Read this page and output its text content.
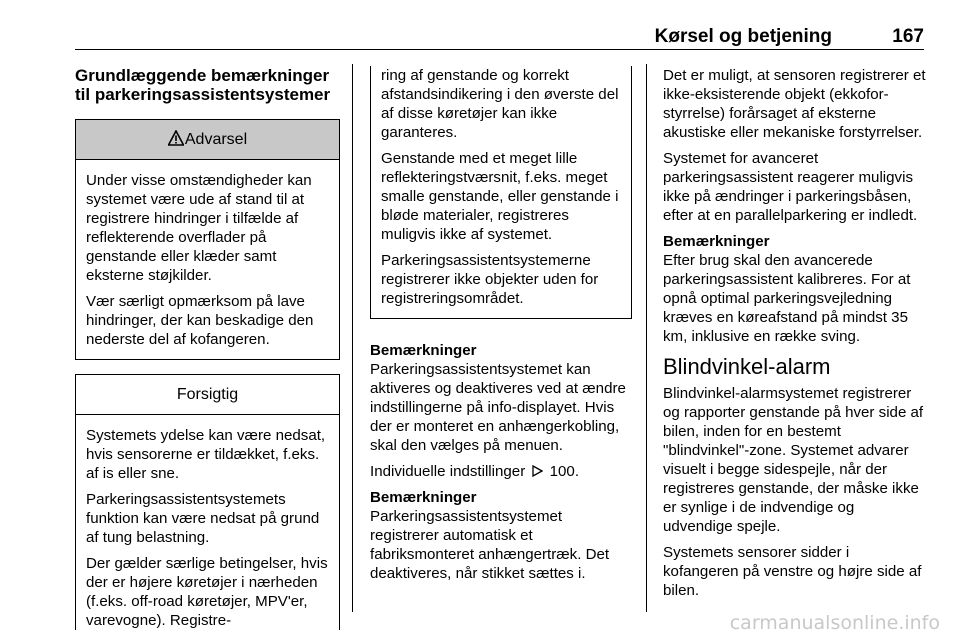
Kørsel og betjening	167
Grundlæggende bemærkninger
til parkeringsassistentsystemer
Advarsel

Under visse omstændigheder kan systemet være ude af stand til at registrere hindringer i tilfælde af reflekterende overflader på genstande eller klæder samt eksterne støjkilder.

Vær særligt opmærksom på lave hindringer, der kan beskadige den nederste del af kofangeren.

Forsigtig

Systemets ydelse kan være nedsat, hvis sensorerne er tildækket, f.eks. af is eller sne.

Parkeringsassistentsystemets funktion kan være nedsat på grund af tung belastning.

Der gælder særlige betingelser, hvis der er højere køretøjer i nærheden (f.eks. off-road køretøjer, MPV'er, varevogne). Registre-

ring af genstande og korrekt afstandsindikering i den øverste del af disse køretøjer kan ikke garanteres.

Genstande med et meget lille reflekteringstværsnit, f.eks. meget smalle genstande, eller genstande i bløde materialer, registreres muligvis ikke af systemet.

Parkeringsassistentsystemerne registrerer ikke objekter uden for registreringsområdet.

Bemærkninger
Parkeringsassistentsystemet kan aktiveres og deaktiveres ved at ændre indstillingerne på info-displayet. Hvis der er monteret en anhængerkobling, skal den vælges på menuen.

Individuelle indstillinger 100.

Bemærkninger
Parkeringsassistentsystemet registrerer automatisk et fabriksmonteret anhængertræk. Det deaktiveres, når stikket sættes i.

Det er muligt, at sensoren registrerer et ikke-eksisterende objekt (ekkofor-styrrelse) forårsaget af eksterne akustiske eller mekaniske forstyrrelser.

Systemet for avanceret parkeringsassistent reagerer muligvis ikke på ændringer i parkeringsbåsen, efter at en parallelparkering er indledt.

Bemærkninger
Efter brug skal den avancerede parkeringsassistent kalibreres. For at opnå optimal parkeringsvejledning kræves en køreafstand på mindst 35 km, inklusive en række sving.

Blindvinkel-alarm

Blindvinkel-alarmsystemet registrerer og rapporter genstande på hver side af bilen, inden for en bestemt "blindvinkel"-zone. Systemet advarer visuelt i begge sidespejle, når der registreres genstande, der måske ikke er synlige i de indvendige og udvendige spejle.

Systemets sensorer sidder i kofangeren på venstre og højre side af bilen.

carmanualsonline.info
